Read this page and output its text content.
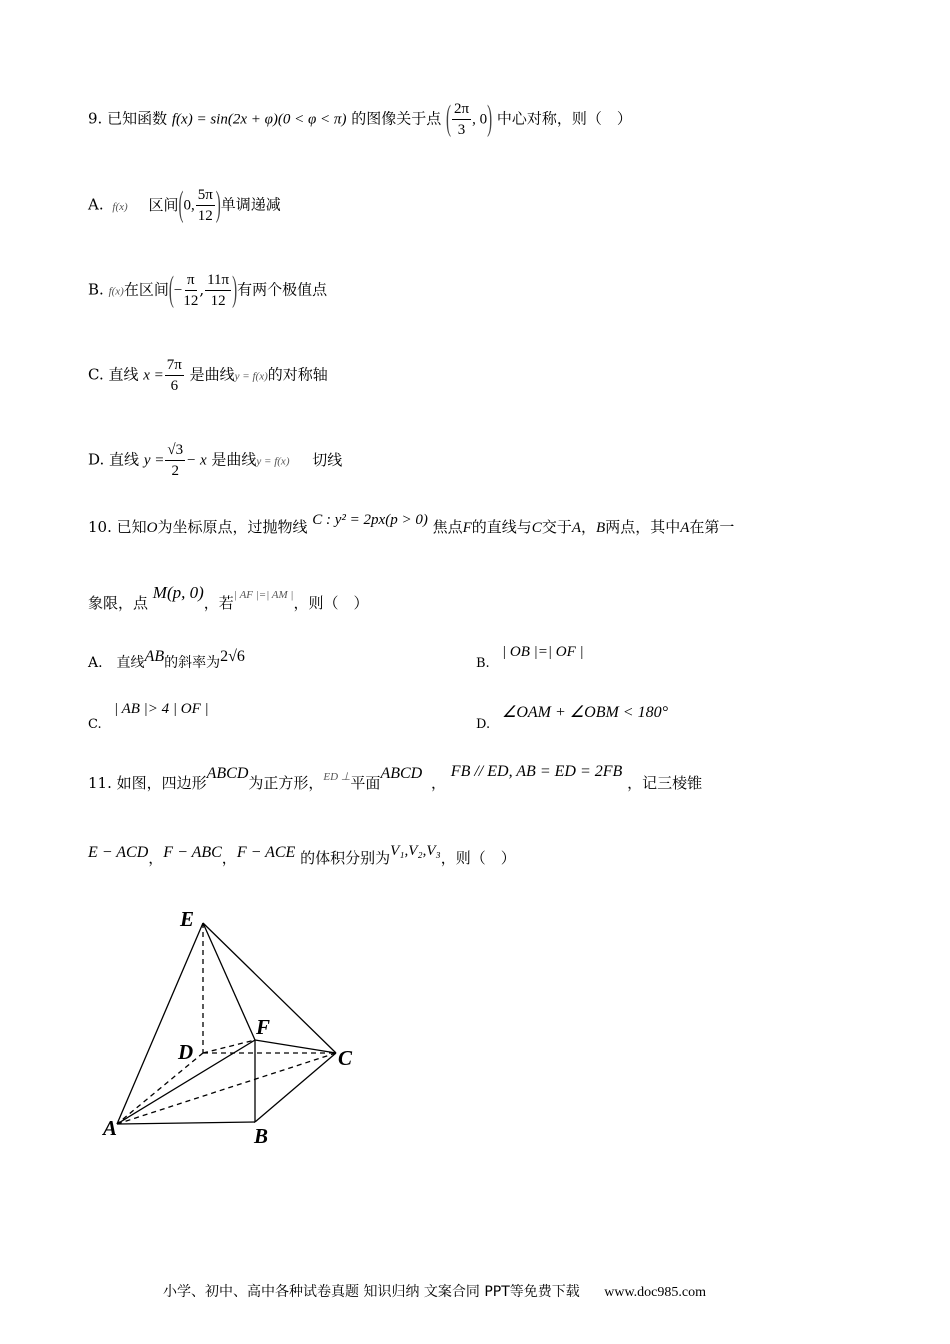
9. 已知函数 f(x) = sin(2x + φ)(0 < φ < π) 的图像关于点 ( $\frac{2\pi}{3}$ , 0) 中心对称，则（　）
A. f(x) 区间(0, $\frac{5\pi}{12}$ )单调递减
B. f(x)在区间(− $\frac{\pi}{12}$ , $\frac{11\pi}{12}$ )有两个极值点
C. 直线 $x = \frac{7\pi}{6}$ 是曲线y = f(x)的对称轴
D. 直线 $y = \frac{√3}{2} - x$ 是曲线y = f(x) 切线
10. 已知O为坐标原点，过抛物线 C : y² = 2px(p > 0) 焦点F的直线与C交于A，B两点，其中A在第一
象限，点 M(p, 0)，若$^{| AF |=| AM |}$，则（　）
A.　直线AB的斜率为2√6	B.
| OB |=| OF |
C.
| AB |> 4 | OF |
D.
∠OAM + ∠OBM < 180°
11. 如图，四边形ABCD为正方形，$^{ED \perp}$平面ABCD ， FB // ED, AB = ED = 2FB ，记三棱锥
E − ACD，F − ABC，F − ACE 的体积分别为V₁,V₂,V₃，则（　）
E
D
F
C
A	B
小学、初中、高中各种试卷真题 知识归纳 文案合同 PPT等免费下载 www.doc985.com
